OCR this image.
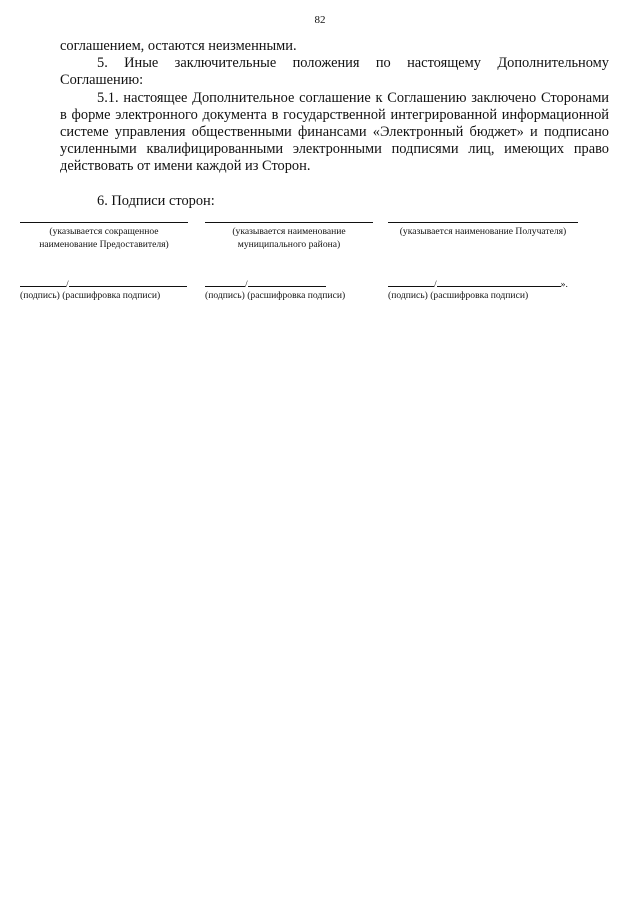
82

соглашением, остаются неизменными.

5. Иные заключительные положения по настоящему Дополнительному Соглашению:

5.1. настоящее Дополнительное соглашение к Соглашению заключено Сторонами в форме электронного документа в государственной интегрированной информационной системе управления общественными финансами «Электронный бюджет» и подписано усиленными квалифицированными электронными подписями лиц, имеющих право действовать от имени каждой из Сторон.

6. Подписи сторон:

(указывается сокращенное наименование Предоставителя)
(указывается наименование муниципального района)
(указывается наименование Получателя)
/
(подпись) (расшифровка подписи)
/
(подпись) (расшифровка подписи)
/	».
(подпись) (расшифровка подписи)
